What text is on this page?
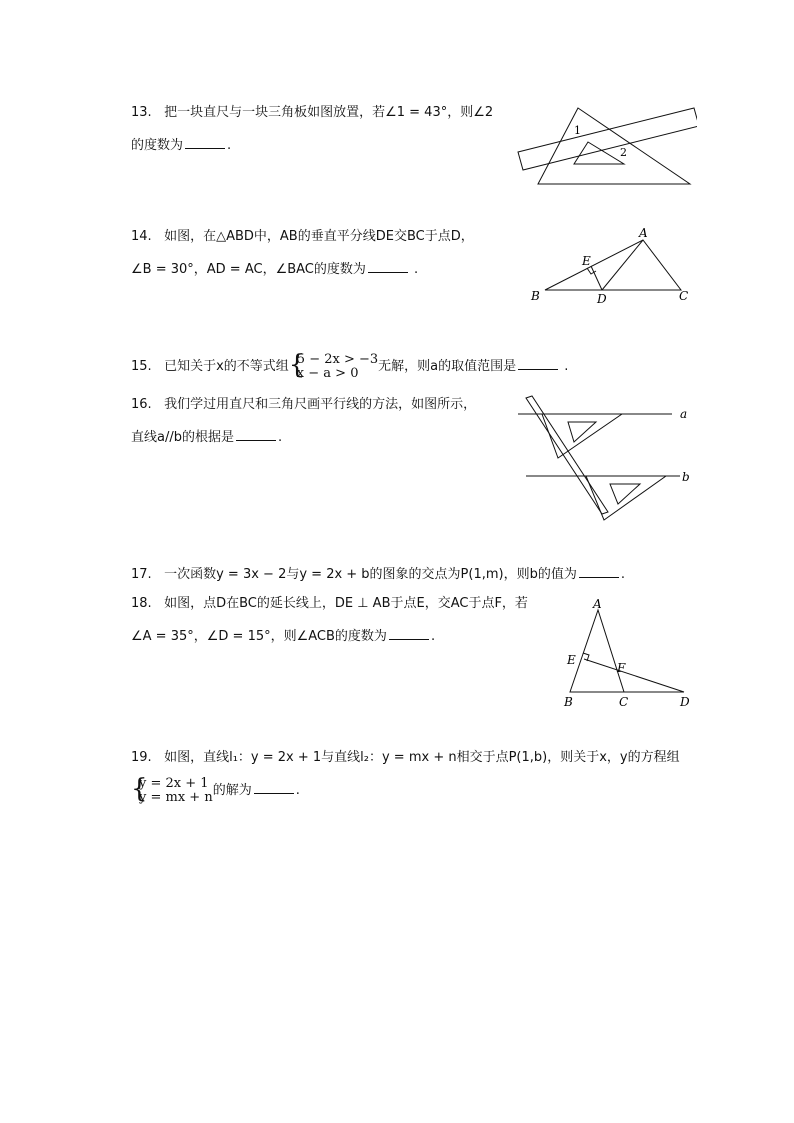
13. 把一块直尺与一块三角板如图放置，若∠1 = 43°，则∠2
的度数为	.
1
2
14. 如图，在△ABD中，AB的垂直平分线DE交BC于点D，
∠B = 30°，AD = AC，∠BAC的度数为	.
A
B	C
D
E
15. 已知关于x的不等式组 {
5 − 2x > −3
x − a > 0	无解，则a的取值范围是	.
16. 我们学过用直尺和三角尺画平行线的方法，如图所示，
直线a//b的根据是	.
a
b
17. 一次函数y = 3x − 2与y = 2x + b的图象的交点为P(1,m)，则b的值为	.
18. 如图，点D在BC的延长线上，DE ⊥ AB于点E，交AC于点F，若
∠A = 35°，∠D = 15°，则∠ACB的度数为	.
A
B	C	D
E
F
19. 如图，直线l₁：y = 2x + 1与直线l₂：y = mx + n相交于点P(1,b)，则关于x，y的方程组
{
y = 2x + 1
y = mx + n 的解为	.
